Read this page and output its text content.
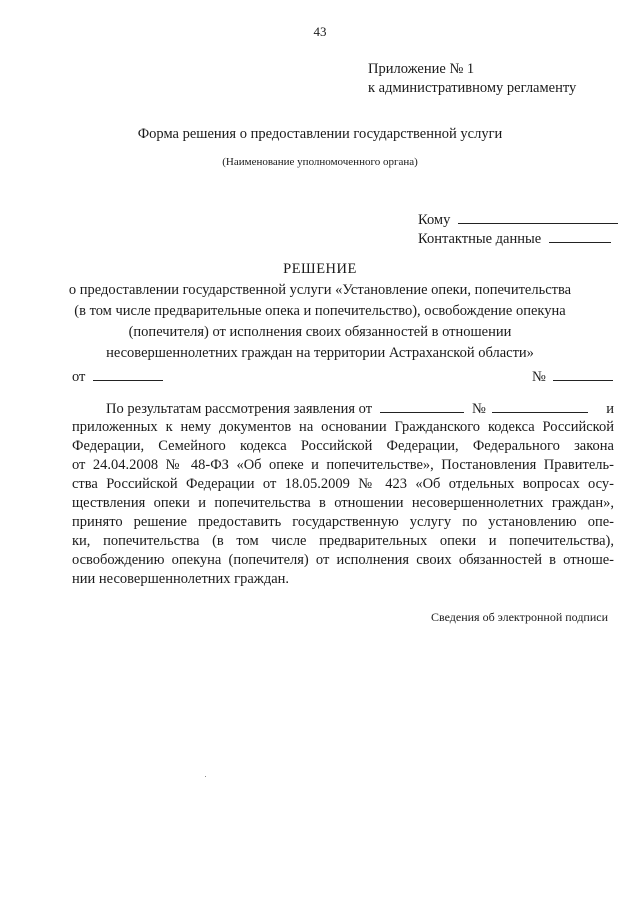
43
Приложение № 1
к административному регламенту
Форма решения о предоставлении государственной услуги
(Наименование уполномоченного органа)
Кому
Контактные данные
РЕШЕНИЕ
о предоставлении государственной услуги «Установление опеки, попечительства
(в том числе предварительные опека и попечительство), освобождение опекуна
(попечителя) от исполнения своих обязанностей в отношении
несовершеннолетних граждан на территории Астраханской области»
от	№
По результатам рассмотрения заявления от	№	и
приложенных к нему документов на основании Гражданского кодекса Российской
Федерации, Семейного кодекса Российской Федерации, Федерального закона
от 24.04.2008 № 48-ФЗ «Об опеке и попечительстве», Постановления Правитель-
ства Российской Федерации от 18.05.2009 № 423 «Об отдельных вопросах осу-
ществления опеки и попечительства в отношении несовершеннолетних граждан»,
принято решение предоставить государственную услугу по установлению опе-
ки, попечительства (в том числе предварительных опеки и попечительства),
освобождению опекуна (попечителя) от исполнения своих обязанностей в отноше-
нии несовершеннолетних граждан.
Сведения об электронной подписи
